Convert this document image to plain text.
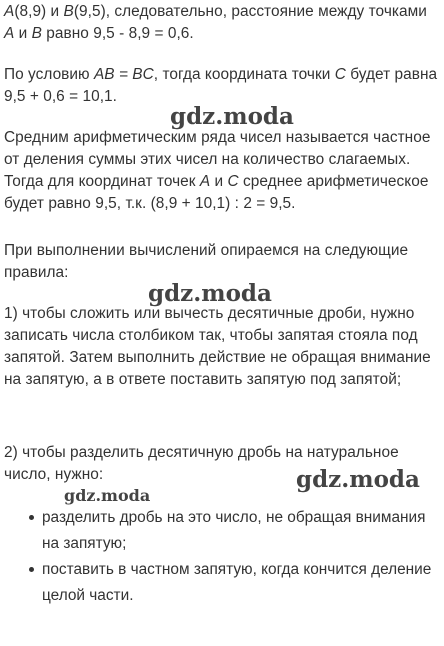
A(8,9) и B(9,5), следовательно, расстояние между точками A и B равно 9,5 - 8,9 = 0,6.

По условию AB = BC, тогда координата точки C будет равна 9,5 + 0,6 = 10,1.

Средним арифметическим ряда чисел называется частное от деления суммы этих чисел на количество слагаемых. Тогда для координат точек A и C среднее арифметическое будет равно 9,5, т.к. (8,9 + 10,1) : 2 = 9,5.

При выполнении вычислений опираемся на следующие правила:

1) чтобы сложить или вычесть десятичные дроби, нужно записать числа столбиком так, чтобы запятая стояла под запятой. Затем выполнить действие не обращая внимание на запятую, а в ответе поставить запятую под запятой;

2) чтобы разделить десятичную дробь на натуральное число, нужно:

разделить дробь на это число, не обращая внимания на запятую;
поставить в частном запятую, когда кончится деление целой части.
gdz.moda
gdz.moda
gdz.moda
gdz.moda
